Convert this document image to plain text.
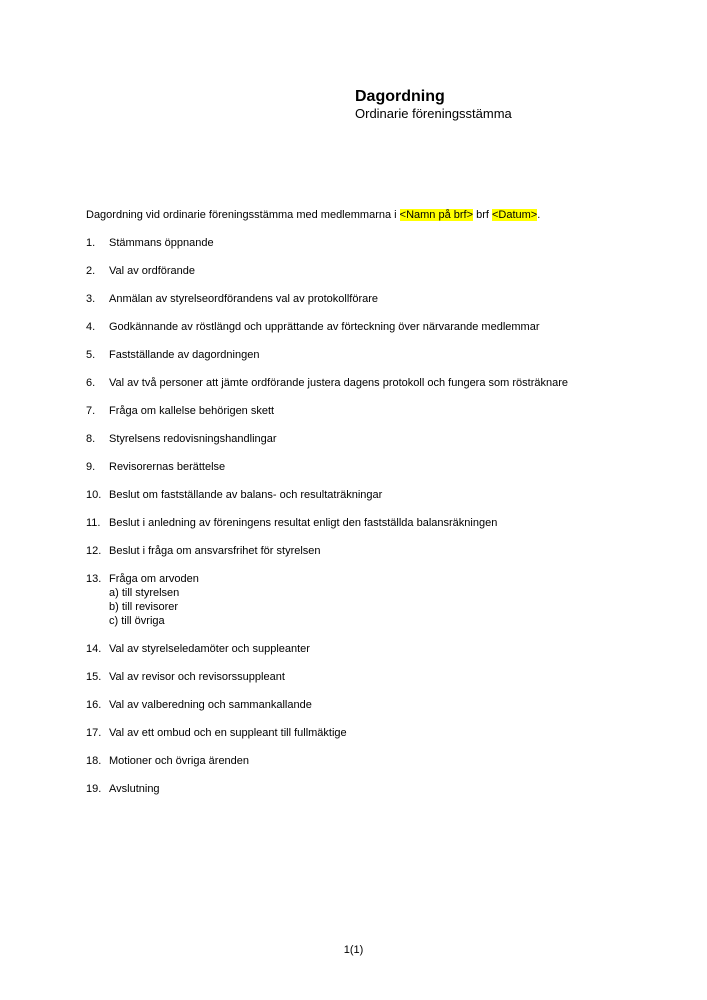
Dagordning
Ordinarie föreningsstämma
Dagordning vid ordinarie föreningsstämma med medlemmarna i <Namn på brf> brf <Datum>.
1.	Stämmans öppnande
2.	Val av ordförande
3.	Anmälan av styrelseordförandens val av protokollförare
4.	Godkännande av röstlängd och upprättande av förteckning över närvarande medlemmar
5.	Fastställande av dagordningen
6.	Val av två personer att jämte ordförande justera dagens protokoll och fungera som rösträknare
7.	Fråga om kallelse behörigen skett
8.	Styrelsens redovisningshandlingar
9.	Revisorernas berättelse
10. Beslut om fastställande av balans- och resultaträkningar
11. Beslut i anledning av föreningens resultat enligt den fastställda balansräkningen
12. Beslut i fråga om ansvarsfrihet för styrelsen
13. Fråga om arvoden
a) till styrelsen
b) till revisorer
c) till övriga
14. Val av styrelseledamöter och suppleanter
15. Val av revisor och revisorssuppleant
16. Val av valberedning och sammankallande
17. Val av ett ombud och en suppleant till fullmäktige
18. Motioner och övriga ärenden
19. Avslutning
1(1)
